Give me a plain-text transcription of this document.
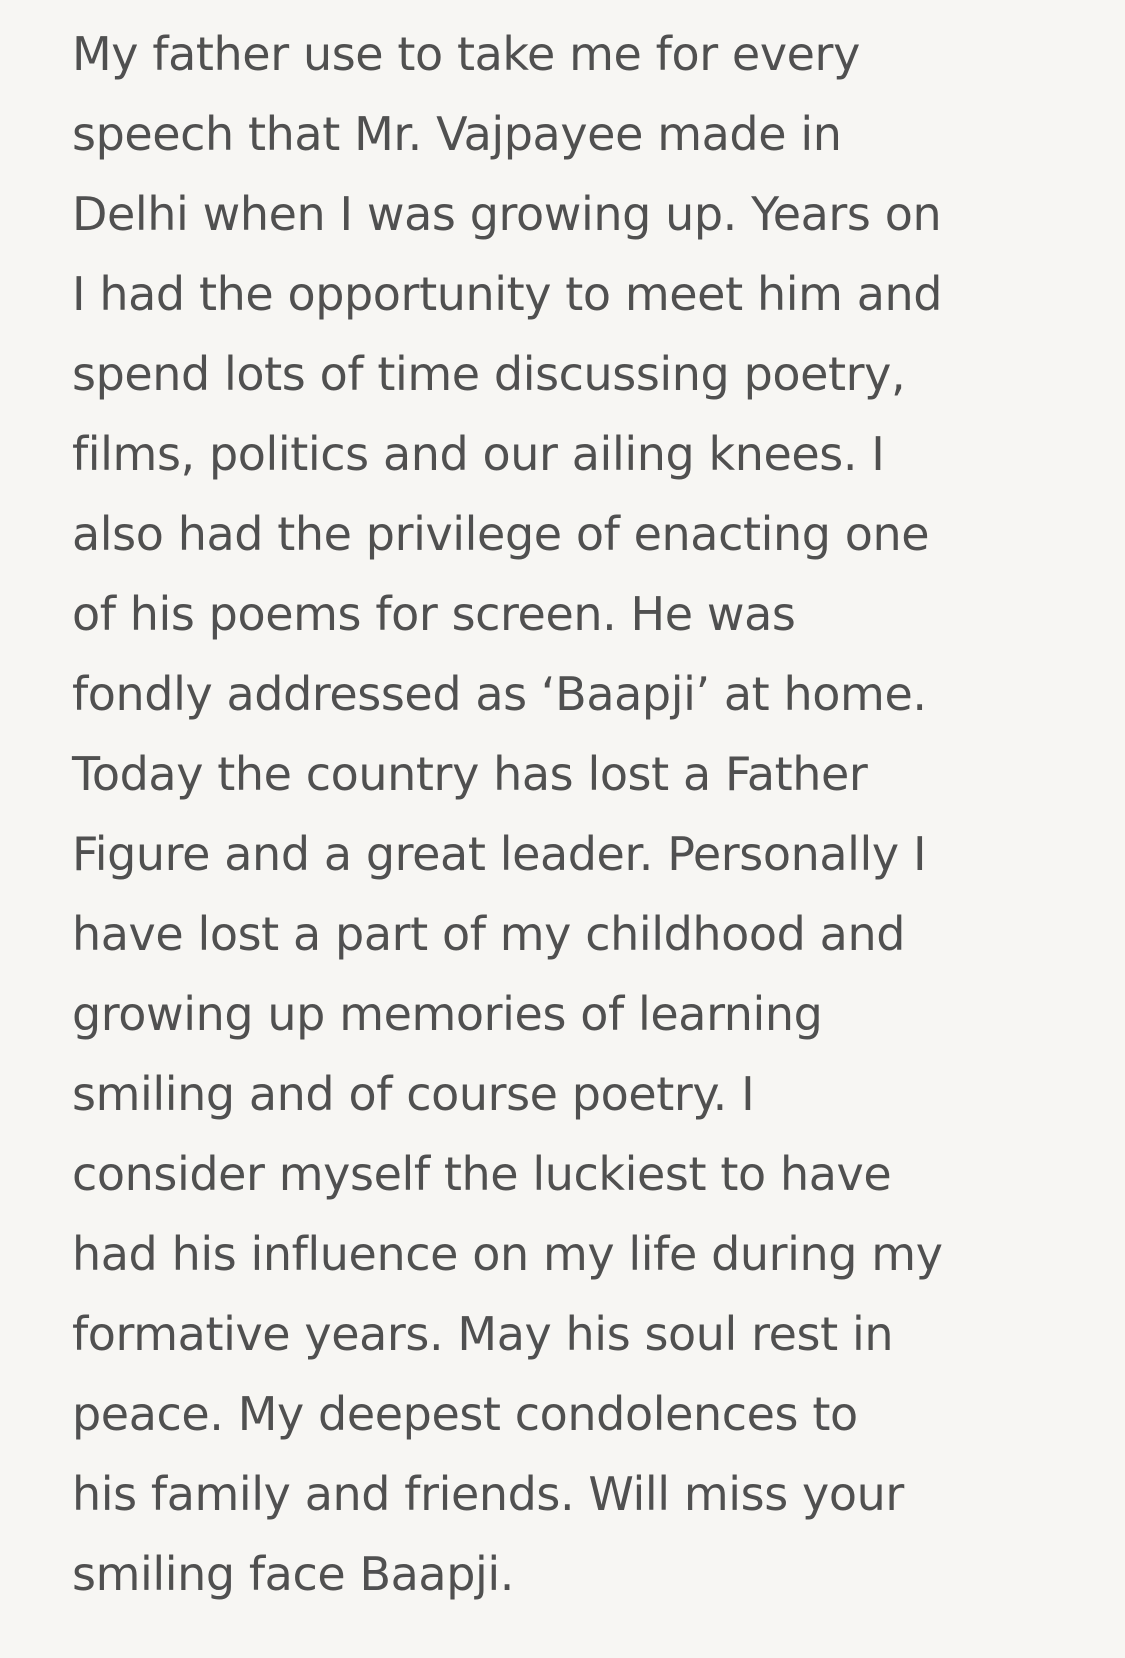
My father use to take me for every
speech that Mr. Vajpayee made in
Delhi when I was growing up. Years on
I had the opportunity to meet him and
spend lots of time discussing poetry,
films, politics and our ailing knees. I
also had the privilege of enacting one
of his poems for screen. He was
fondly addressed as ‘Baapji’ at home.
Today the country has lost a Father
Figure and a great leader. Personally I
have lost a part of my childhood and
growing up memories of learning
smiling and of course poetry. I
consider myself the luckiest to have
had his influence on my life during my
formative years. May his soul rest in
peace. My deepest condolences to
his family and friends. Will miss your
smiling face Baapji.
